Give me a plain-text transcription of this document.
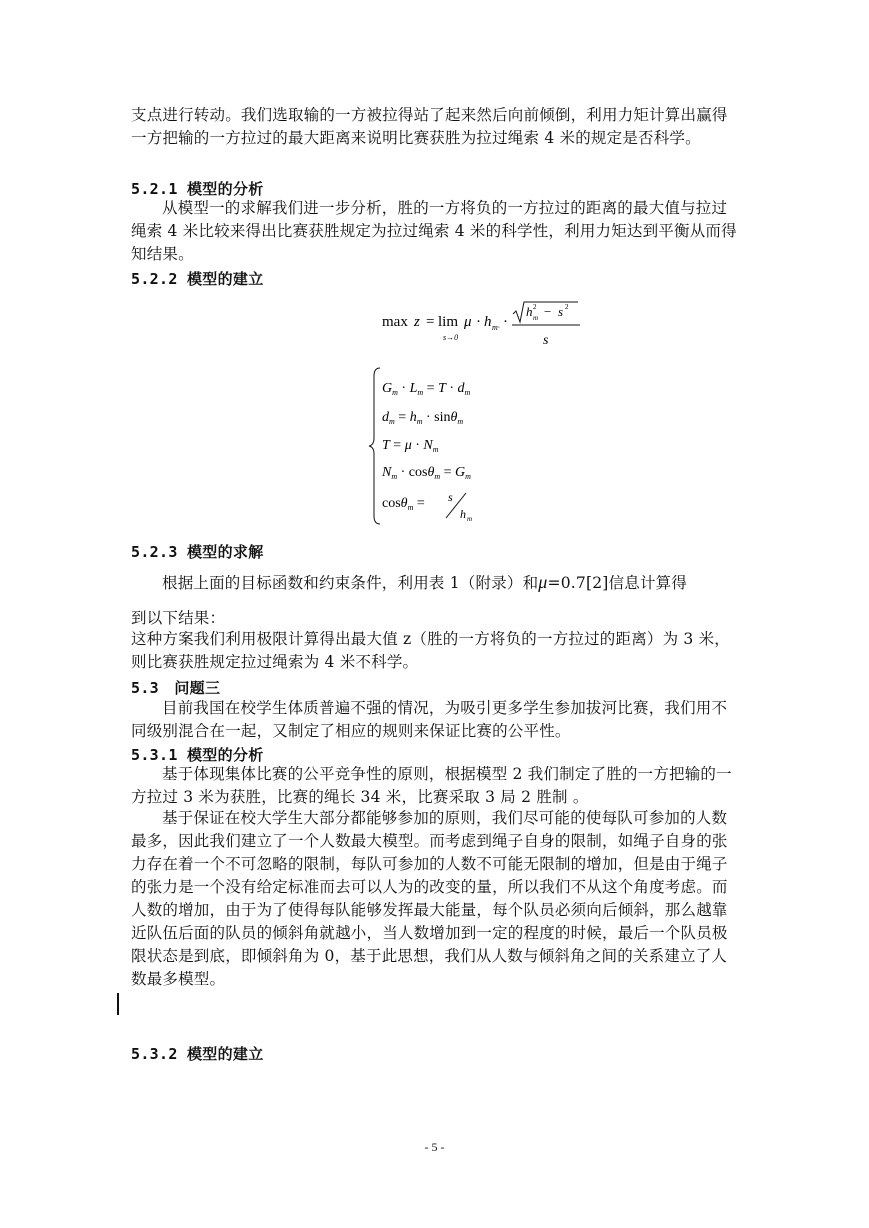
支点进行转动。我们选取输的一方被拉得站了起来然后向前倾倒，利用力矩计算出赢得一方把输的一方拉过的最大距离来说明比赛获胜为拉过绳索 4 米的规定是否科学。

5.2.1 模型的分析

从模型一的求解我们进一步分析，胜的一方将负的一方拉过的距离的最大值与拉过绳索 4 米比较来得出比赛获胜规定为拉过绳索 4 米的科学性，利用力矩达到平衡从而得知结果。

5.2.2 模型的建立
max z = lim
s→0
μ · h m· ·
h 2
m − s 2
s
$G_m \cdot L_m = T \cdot d_m$
$d_m = h_m \cdot \sin\theta_m$
$T = \mu \cdot N_m$
$N_m \cdot \cos\theta_m = G_m$
cosθ$_m$ = s
h m
5.2.3 模型的求解

根据上面的目标函数和约束条件，利用表 1（附录）和μ=0.7[2]信息计算得

到以下结果：

这种方案我们利用极限计算得出最大值 z（胜的一方将负的一方拉过的距离）为 3 米，则比赛获胜规定拉过绳索为 4 米不科学。

5.3 问题三

目前我国在校学生体质普遍不强的情况，为吸引更多学生参加拔河比赛，我们用不同级别混合在一起，又制定了相应的规则来保证比赛的公平性。

5.3.1 模型的分析

基于体现集体比赛的公平竞争性的原则，根据模型 2 我们制定了胜的一方把输的一方拉过 3 米为获胜，比赛的绳长 34 米，比赛采取 3 局 2 胜制 。

基于保证在校大学生大部分都能够参加的原则，我们尽可能的使每队可参加的人数最多，因此我们建立了一个人数最大模型。而考虑到绳子自身的限制，如绳子自身的张力存在着一个不可忽略的限制，每队可参加的人数不可能无限制的增加，但是由于绳子的张力是一个没有给定标准而去可以人为的改变的量，所以我们不从这个角度考虑。而人数的增加，由于为了使得每队能够发挥最大能量，每个队员必须向后倾斜，那么越靠近队伍后面的队员的倾斜角就越小，当人数增加到一定的程度的时候，最后一个队员极限状态是到底，即倾斜角为 0，基于此思想，我们从人数与倾斜角之间的关系建立了人数最多模型。

5.3.2 模型的建立
- 5 -
